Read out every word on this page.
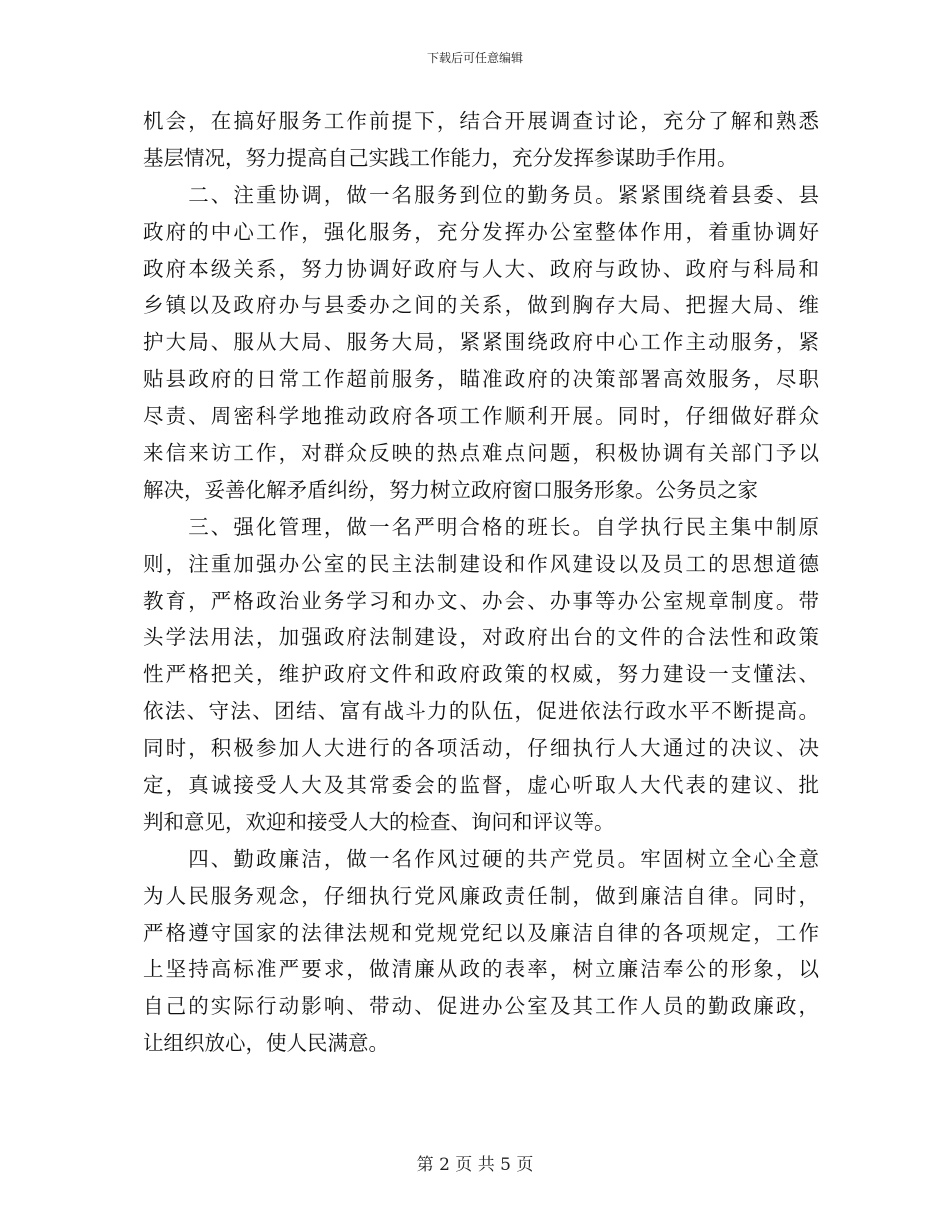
下载后可任意编辑
机会，在搞好服务工作前提下，结合开展调查讨论，充分了解和熟悉
基层情况，努力提高自己实践工作能力，充分发挥参谋助手作用。
　　二、注重协调，做一名服务到位的勤务员。紧紧围绕着县委、县
政府的中心工作，强化服务，充分发挥办公室整体作用，着重协调好
政府本级关系，努力协调好政府与人大、政府与政协、政府与科局和
乡镇以及政府办与县委办之间的关系，做到胸存大局、把握大局、维
护大局、服从大局、服务大局，紧紧围绕政府中心工作主动服务，紧
贴县政府的日常工作超前服务，瞄准政府的决策部署高效服务，尽职
尽责、周密科学地推动政府各项工作顺利开展。同时，仔细做好群众
来信来访工作，对群众反映的热点难点问题，积极协调有关部门予以
解决，妥善化解矛盾纠纷，努力树立政府窗口服务形象。公务员之家
　　三、强化管理，做一名严明合格的班长。自学执行民主集中制原
则，注重加强办公室的民主法制建设和作风建设以及员工的思想道德
教育，严格政治业务学习和办文、办会、办事等办公室规章制度。带
头学法用法，加强政府法制建设，对政府出台的文件的合法性和政策
性严格把关，维护政府文件和政府政策的权威，努力建设一支懂法、
依法、守法、团结、富有战斗力的队伍，促进依法行政水平不断提高。
同时，积极参加人大进行的各项活动，仔细执行人大通过的决议、决
定，真诚接受人大及其常委会的监督，虚心听取人大代表的建议、批
判和意见，欢迎和接受人大的检查、询问和评议等。
　　四、勤政廉洁，做一名作风过硬的共产党员。牢固树立全心全意
为人民服务观念，仔细执行党风廉政责任制，做到廉洁自律。同时，
严格遵守国家的法律法规和党规党纪以及廉洁自律的各项规定，工作
上坚持高标准严要求，做清廉从政的表率，树立廉洁奉公的形象，以
自己的实际行动影响、带动、促进办公室及其工作人员的勤政廉政，
让组织放心，使人民满意。
第 2 页 共 5 页
